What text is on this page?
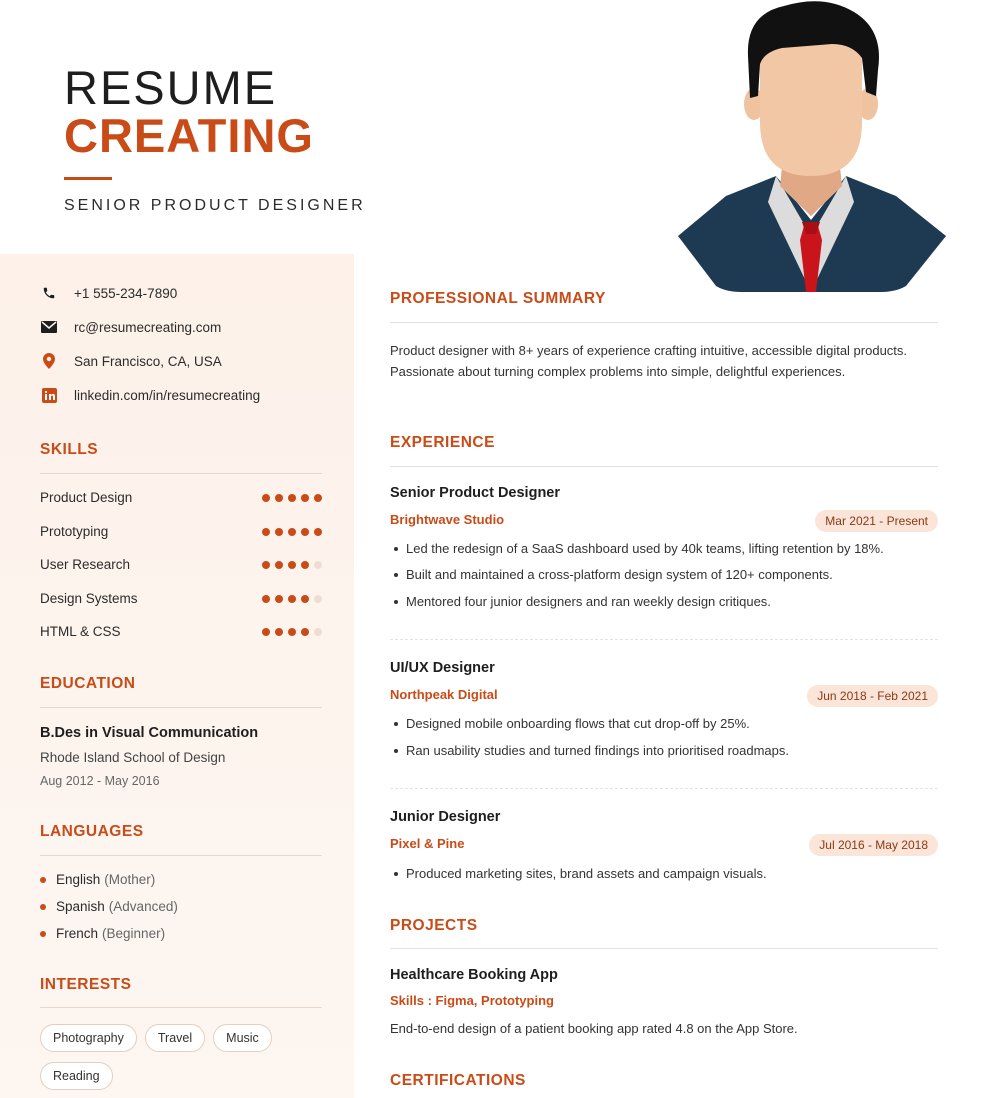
RESUME
CREATING
SENIOR PRODUCT DESIGNER
+1 555-234-7890
rc@resumecreating.com
San Francisco, CA, USA
linkedin.com/in/resumecreating
SKILLS
Product Design
Prototyping
User Research
Design Systems
HTML & CSS
EDUCATION
B.Des in Visual Communication
Rhode Island School of Design
Aug 2012 - May 2016
LANGUAGES
English (Mother)
Spanish (Advanced)
French (Beginner)
INTERESTS
Photography	Travel	Music
Reading
PROFESSIONAL SUMMARY
Product designer with 8+ years of experience crafting intuitive, accessible digital products. Passionate about turning complex problems into simple, delightful experiences.
EXPERIENCE
Senior Product Designer
Brightwave Studio	Mar 2021 - Present
Led the redesign of a SaaS dashboard used by 40k teams, lifting retention by 18%.
Built and maintained a cross-platform design system of 120+ components.
Mentored four junior designers and ran weekly design critiques.
UI/UX Designer
Northpeak Digital	Jun 2018 - Feb 2021
Designed mobile onboarding flows that cut drop-off by 25%.
Ran usability studies and turned findings into prioritised roadmaps.
Junior Designer
Pixel & Pine	Jul 2016 - May 2018
Produced marketing sites, brand assets and campaign visuals.
PROJECTS
Healthcare Booking App
Skills : Figma, Prototyping
End-to-end design of a patient booking app rated 4.8 on the App Store.
CERTIFICATIONS
